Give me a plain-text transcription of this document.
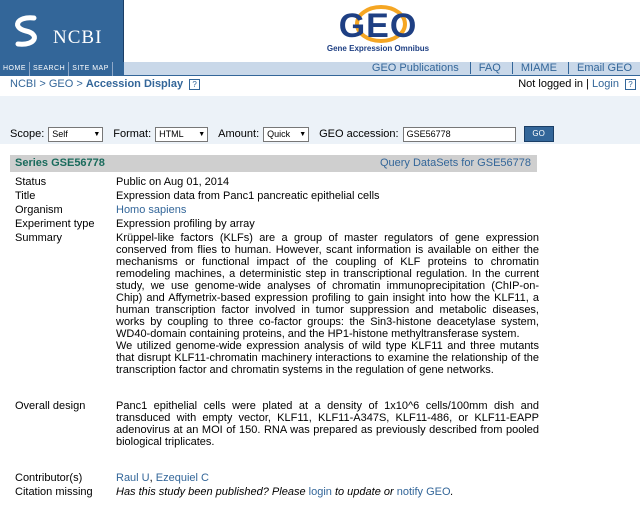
NCBI	GEO
Gene Expression Omnibus
HOME	SEARCH	SITE MAP	GEO Publications FAQ MIAME Email GEO
NCBI > GEO > Accession Display ?	Not logged in | Login ?
Scope: Self ▼	Format: HTML ▼	Amount: Quick ▼	GEO accession: GSE56778	GO
Series GSE56778	Query DataSets for GSE56778
Status	Public on Aug 01, 2014
Title	Expression data from Panc1 pancreatic epithelial cells
Organism	Homo sapiens
Experiment type	Expression profiling by array
Summary	Krüppel-like factors (KLFs) are a group of master regulators of gene expression conserved from flies to human. However, scant information is available on either the mechanisms or functional impact of the coupling of KLF proteins to chromatin remodeling machines, a deterministic step in transcriptional regulation. In the current study, we use genome-wide analyses of chromatin immunoprecipitation (ChIP-on-Chip) and Affymetrix-based expression profiling to gain insight into how the KLF11, a human transcription factor involved in tumor suppression and metabolic diseases, works by coupling to three co-factor groups: the Sin3-histone deacetylase system, WD40-domain containing proteins, and the HP1-histone methyltransferase system.
We utilized genome-wide expression analysis of wild type KLF11 and three mutants that disrupt KLF11-chromatin machinery interactions to examine the relationship of the transcription factor and chromatin systems in the regulation of gene networks.
Overall design	Panc1 epithelial cells were plated at a density of 1x10^6 cells/100mm dish and transduced with empty vector, KLF11, KLF11-A347S, KLF11-486, or KLF11-EAPP adenovirus at an MOI of 150. RNA was prepared as previously described from pooled biological triplicates.
Contributor(s)	Raul U, Ezequiel C
Citation missing	Has this study been published? Please login to update or notify GEO.
